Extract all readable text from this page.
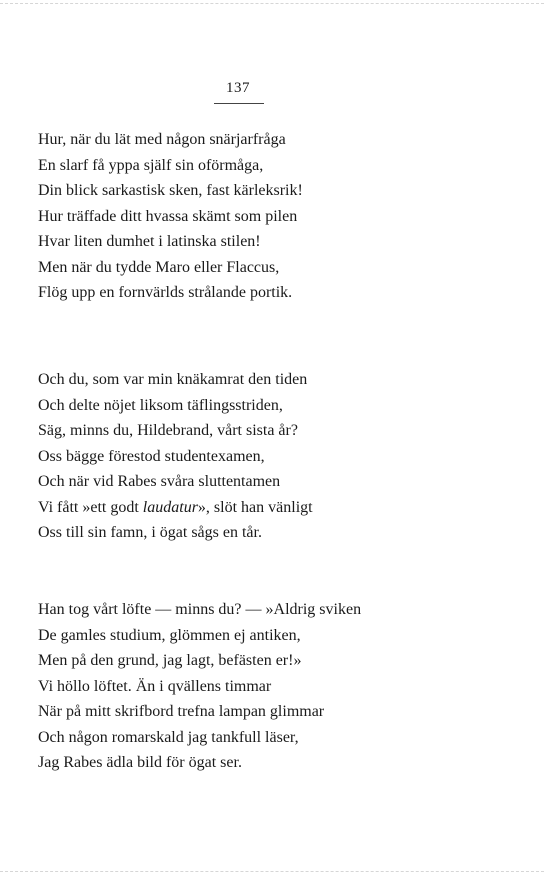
137
Hur, när du lät med någon snärjarfråga
En slarf få yppa själf sin oförmåga,
Din blick sarkastisk sken, fast kärleksrik!
Hur träffade ditt hvassa skämt som pilen
Hvar liten dumhet i latinska stilen!
Men när du tydde Maro eller Flaccus,
Flög upp en fornvärlds strålande portik.
Och du, som var min knäkamrat den tiden
Och delte nöjet liksom täflingsstriden,
Säg, minns du, Hildebrand, vårt sista år?
Oss bägge förestod studentexamen,
Och när vid Rabes svåra sluttentamen
Vi fått »ett godt laudatur», slöt han vänligt
Oss till sin famn, i ögat sågs en tår.
Han tog vårt löfte — minns du? — »Aldrig sviken
De gamles studium, glömmen ej antiken,
Men på den grund, jag lagt, befästen er!»
Vi höllo löftet. Än i qvällens timmar
När på mitt skrifbord trefna lampan glimmar
Och någon romarskald jag tankfull läser,
Jag Rabes ädla bild för ögat ser.
